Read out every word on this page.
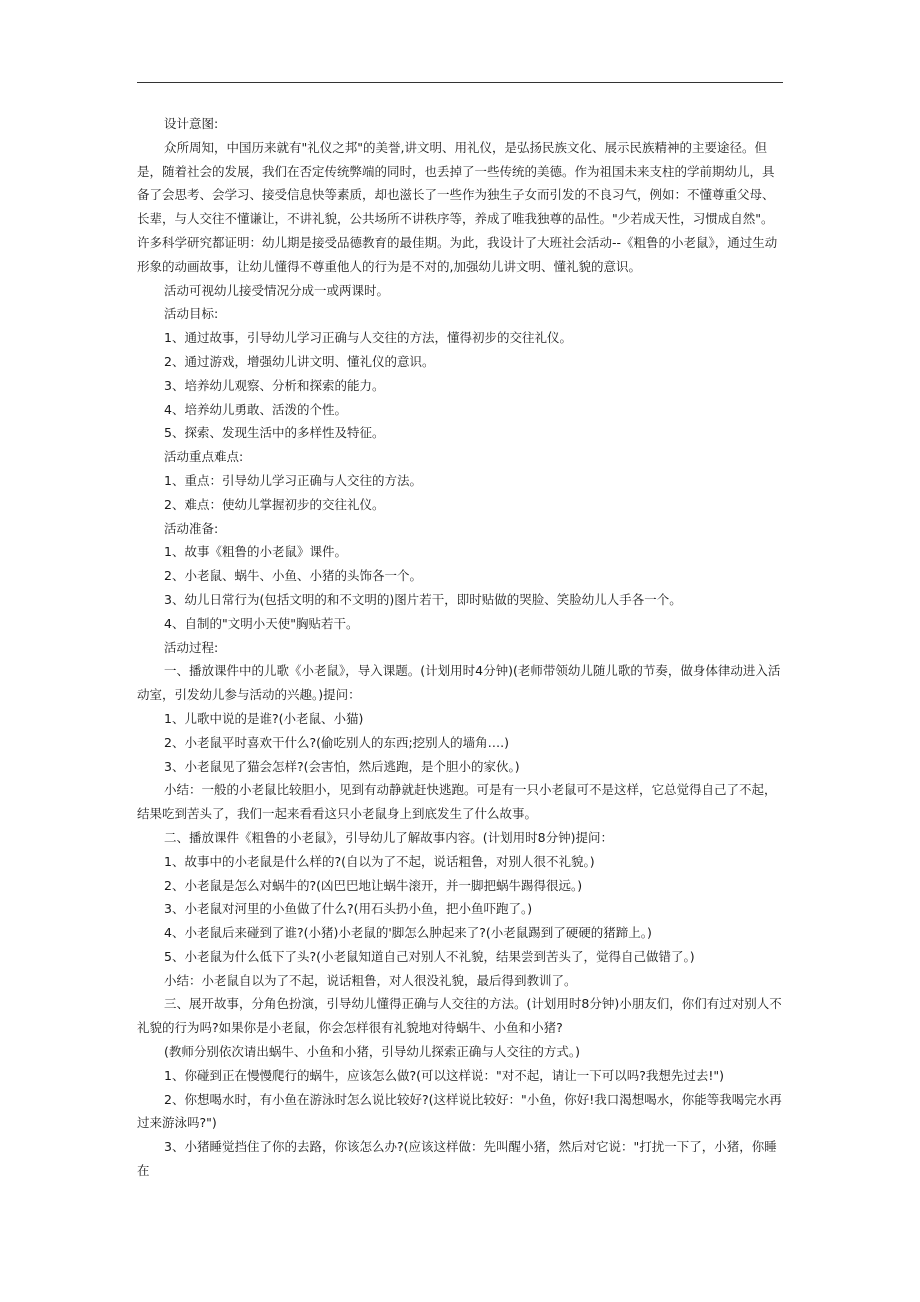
设计意图:

众所周知，中国历来就有"礼仪之邦"的美誉,讲文明、用礼仪，是弘扬民族文化、展示民族精神的主要途径。但是，随着社会的发展，我们在否定传统弊端的同时，也丢掉了一些传统的美德。作为祖国未来支柱的学前期幼儿，具备了会思考、会学习、接受信息快等素质，却也滋长了一些作为独生子女而引发的不良习气，例如：不懂尊重父母、长辈，与人交往不懂谦让，不讲礼貌，公共场所不讲秩序等，养成了唯我独尊的品性。"少若成天性，习惯成自然"。许多科学研究都证明：幼儿期是接受品德教育的最佳期。为此，我设计了大班社会活动--《粗鲁的小老鼠》，通过生动形象的动画故事，让幼儿懂得不尊重他人的行为是不对的,加强幼儿讲文明、懂礼貌的意识。

活动可视幼儿接受情况分成一或两课时。

活动目标:

1、通过故事，引导幼儿学习正确与人交往的方法，懂得初步的交往礼仪。

2、通过游戏，增强幼儿讲文明、懂礼仪的意识。

3、培养幼儿观察、分析和探索的能力。

4、培养幼儿勇敢、活泼的个性。

5、探索、发现生活中的多样性及特征。

活动重点难点:

1、重点：引导幼儿学习正确与人交往的方法。

2、难点：使幼儿掌握初步的交往礼仪。

活动准备:

1、故事《粗鲁的小老鼠》课件。

2、小老鼠、蜗牛、小鱼、小猪的头饰各一个。

3、幼儿日常行为(包括文明的和不文明的)图片若干，即时贴做的哭脸、笑脸幼儿人手各一个。

4、自制的"文明小天使"胸贴若干。

活动过程:

一、播放课件中的儿歌《小老鼠》，导入课题。(计划用时4分钟)(老师带领幼儿随儿歌的节奏，做身体律动进入活动室，引发幼儿参与活动的兴趣。)提问：

1、儿歌中说的是谁?(小老鼠、小猫)

2、小老鼠平时喜欢干什么?(偷吃别人的东西;挖别人的墙角….)

3、小老鼠见了猫会怎样?(会害怕，然后逃跑，是个胆小的家伙。)

小结：一般的小老鼠比较胆小，见到有动静就赶快逃跑。可是有一只小老鼠可不是这样，它总觉得自己了不起，结果吃到苦头了，我们一起来看看这只小老鼠身上到底发生了什么故事。

二、播放课件《粗鲁的小老鼠》，引导幼儿了解故事内容。(计划用时8分钟)提问：

1、故事中的小老鼠是什么样的?(自以为了不起，说话粗鲁，对别人很不礼貌。)

2、小老鼠是怎么对蜗牛的?(凶巴巴地让蜗牛滚开，并一脚把蜗牛踢得很远。)

3、小老鼠对河里的小鱼做了什么?(用石头扔小鱼，把小鱼吓跑了。)

4、小老鼠后来碰到了谁?(小猪)小老鼠的'脚怎么肿起来了?(小老鼠踢到了硬硬的猪蹄上。)

5、小老鼠为什么低下了头?(小老鼠知道自己对别人不礼貌，结果尝到苦头了，觉得自己做错了。)

小结：小老鼠自以为了不起，说话粗鲁，对人很没礼貌，最后得到教训了。

三、展开故事，分角色扮演，引导幼儿懂得正确与人交往的方法。(计划用时8分钟)小朋友们，你们有过对别人不礼貌的行为吗?如果你是小老鼠，你会怎样很有礼貌地对待蜗牛、小鱼和小猪?

(教师分别依次请出蜗牛、小鱼和小猪，引导幼儿探索正确与人交往的方式。)

1、你碰到正在慢慢爬行的蜗牛，应该怎么做?(可以这样说："对不起，请让一下可以吗?我想先过去!")

2、你想喝水时，有小鱼在游泳时怎么说比较好?(这样说比较好："小鱼，你好!我口渴想喝水，你能等我喝完水再过来游泳吗?")

3、小猪睡觉挡住了你的去路，你该怎么办?(应该这样做：先叫醒小猪，然后对它说："打扰一下了，小猪，你睡在
